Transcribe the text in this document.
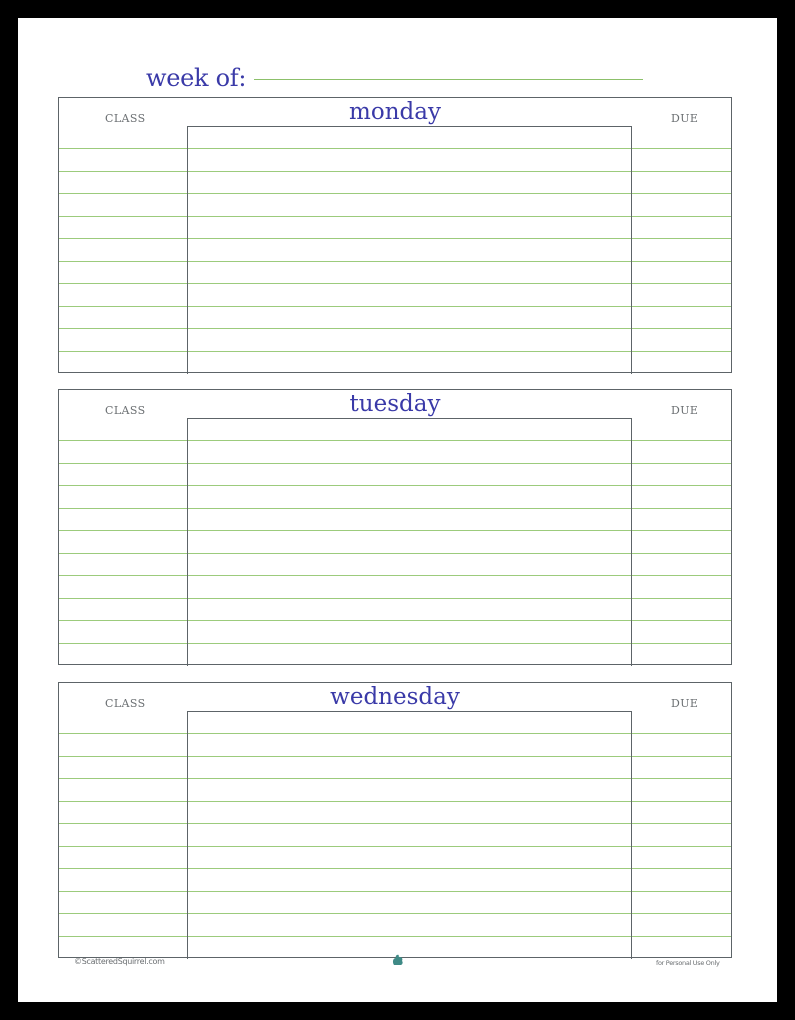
week of:
monday
CLASS	DUE
tuesday
CLASS	DUE
wednesday
CLASS	DUE
©ScatteredSquirrel.com	for Personal Use Only
